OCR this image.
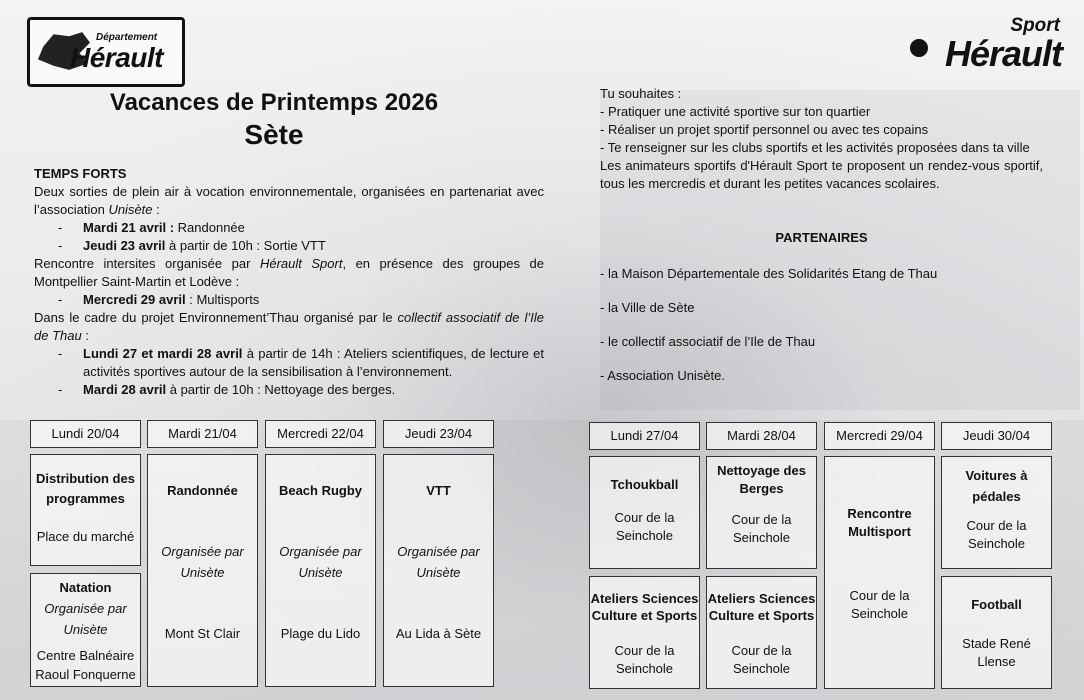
Département
Hérault
Sport
Hérault
Vacances de Printemps 2026
Sète
TEMPS FORTS
Deux sorties de plein air à vocation environnementale, organisées en partenariat avec l’association Unisète :
- Mardi 21 avril : Randonnée
- Jeudi 23 avril à partir de 10h : Sortie VTT
Rencontre intersites organisée par Hérault Sport, en présence des groupes de Montpellier Saint-Martin et Lodève :
- Mercredi 29 avril : Multisports
Dans le cadre du projet Environnement’Thau organisé par le collectif associatif de l’Ile de Thau :
- Lundi 27 et mardi 28 avril à partir de 14h : Ateliers scientifiques, de lecture et activités sportives autour de la sensibilisation à l’environnement.
- Mardi 28 avril à partir de 10h : Nettoyage des berges.
Tu souhaites :
- Pratiquer une activité sportive sur ton quartier
- Réaliser un projet sportif personnel ou avec tes copains
- Te renseigner sur les clubs sportifs et les activités proposées dans ta ville
Les animateurs sportifs d'Hérault Sport te proposent un rendez-vous sportif, tous les mercredis et durant les petites vacances scolaires.
PARTENAIRES
- la Maison Départementale des Solidarités Etang de Thau
- la Ville de Sète
- le collectif associatif de l’Ile de Thau
- Association Unisète.
Lundi 20/04	Mardi 21/04	Mercredi 22/04	Jeudi 23/04
Distribution des programmes
Place du marché
Natation
Organisée par Unisète
Centre Balnéaire Raoul Fonquerne
Randonnée
Organisée par Unisète
Mont St Clair
Beach Rugby
Organisée par Unisète
Plage du Lido
VTT
Organisée par Unisète
Au Lida à Sète
Lundi 27/04	Mardi 28/04	Mercredi 29/04	Jeudi 30/04
Tchoukball
Cour de la Seinchole
Ateliers Sciences Culture et Sports
Cour de la Seinchole
Nettoyage des Berges
Cour de la Seinchole
Ateliers Sciences Culture et Sports
Cour de la Seinchole
Rencontre Multisport
Cour de la Seinchole
Voitures à pédales
Cour de la Seinchole
Football
Stade René Llense
